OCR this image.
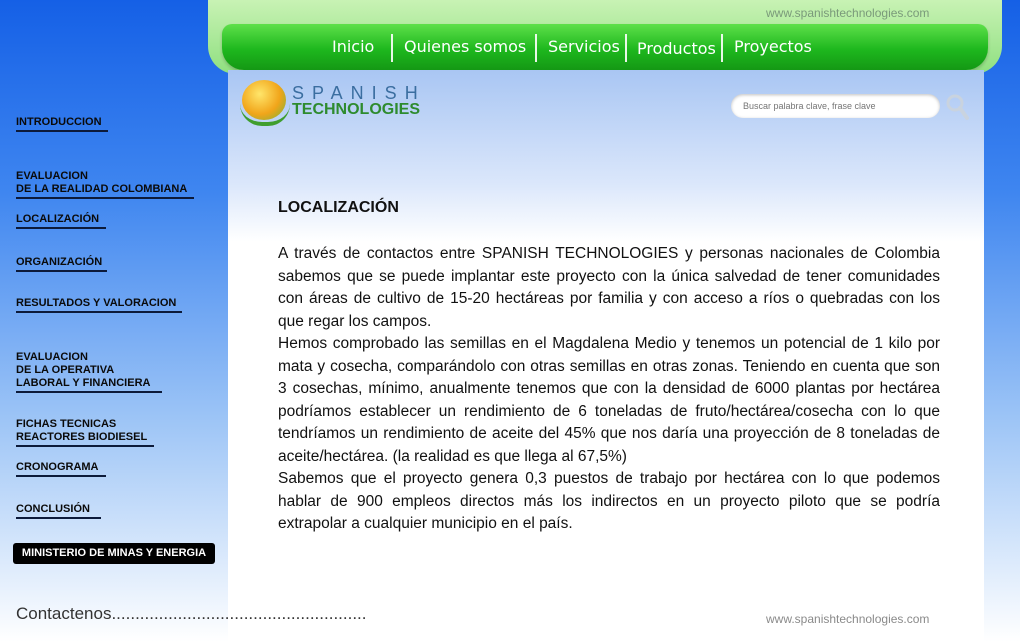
www.spanishtechnologies.com
Inicio Quienes somos Servicios Productos Proyectos
SPANISH
TECHNOLOGIES
Buscar palabra clave, frase clave
INTRODUCCION

EVALUACION
DE LA REALIDAD COLOMBIANA

LOCALIZACIÓN
ORGANIZACIÓN
RESULTADOS Y VALORACION

EVALUACION
DE LA OPERATIVA
LABORAL Y FINANCIERA

FICHAS TECNICAS
REACTORES BIODIESEL

CRONOGRAMA
CONCLUSIÓN
MINISTERIO DE MINAS Y ENERGIA
Contactenos......................................................
LOCALIZACIÓN

A través de contactos entre SPANISH TECHNOLOGIES y personas nacionales de Colombia sabemos que se puede implantar este proyecto con la única salvedad de tener comunidades con áreas de cultivo de 15-20 hectáreas por familia y con acceso a ríos o quebradas con los que regar los campos.

Hemos comprobado las semillas en el Magdalena Medio y tenemos un potencial de 1 kilo por mata y cosecha, comparándolo con otras semillas en otras zonas. Teniendo en cuenta que son 3 cosechas, mínimo, anualmente tenemos que con la densidad de 6000 plantas por hectárea podríamos establecer un rendimiento de 6 toneladas de fruto/hectárea/cosecha con lo que tendríamos un rendimiento de aceite del 45% que nos daría una proyección de 8 toneladas de aceite/hectárea. (la realidad es que llega al 67,5%)

Sabemos que el proyecto genera 0,3 puestos de trabajo por hectárea con lo que podemos hablar de 900 empleos directos más los indirectos en un proyecto piloto que se podría extrapolar a cualquier municipio en el país.

www.spanishtechnologies.com
